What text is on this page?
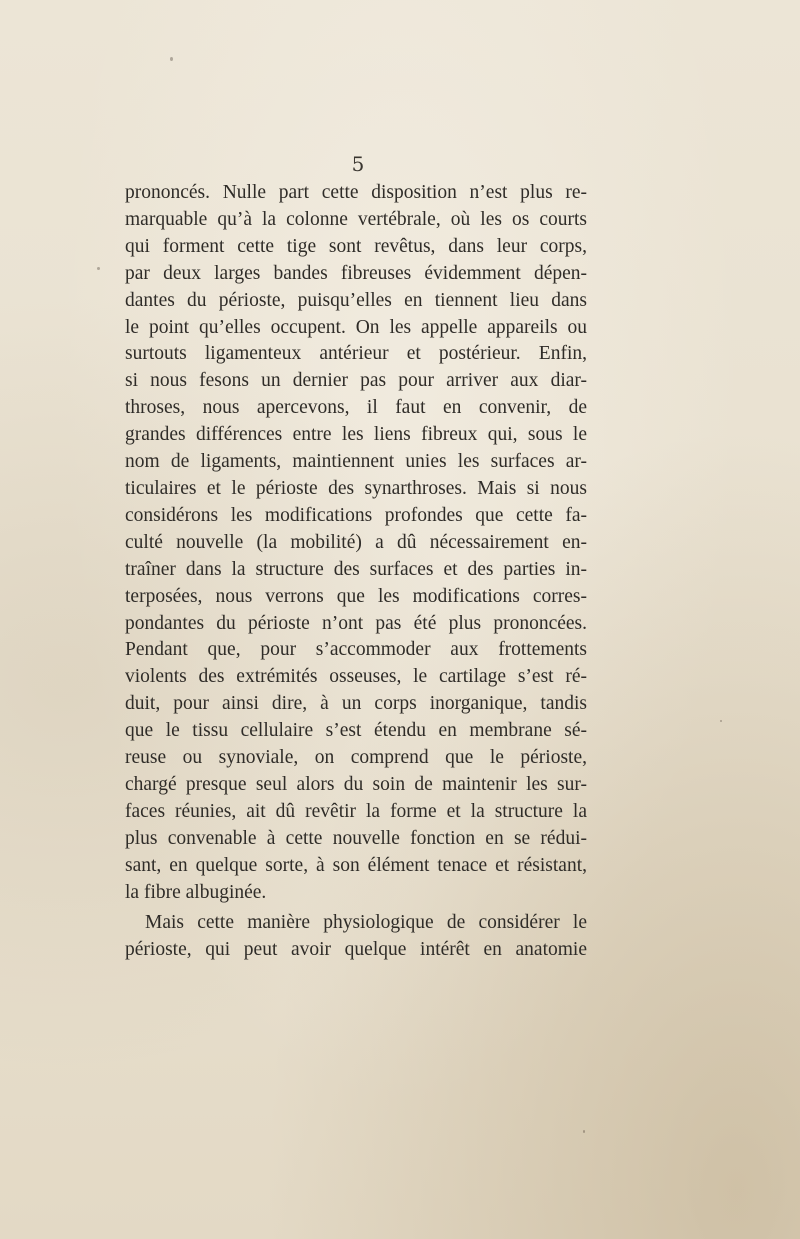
5
prononcés. Nulle part cette disposition n’est plus re-
marquable qu’à la colonne vertébrale, où les os courts
qui forment cette tige sont revêtus, dans leur corps,
par deux larges bandes fibreuses évidemment dépen-
dantes du périoste, puisqu’elles en tiennent lieu dans
le point qu’elles occupent. On les appelle appareils ou
surtouts ligamenteux antérieur et postérieur. Enfin,
si nous fesons un dernier pas pour arriver aux diar-
throses, nous apercevons, il faut en convenir, de
grandes différences entre les liens fibreux qui, sous le
nom de ligaments, maintiennent unies les surfaces ar-
ticulaires et le périoste des synarthroses. Mais si nous
considérons les modifications profondes que cette fa-
culté nouvelle (la mobilité) a dû nécessairement en-
traîner dans la structure des surfaces et des parties in-
terposées, nous verrons que les modifications corres-
pondantes du périoste n’ont pas été plus prononcées.
Pendant que, pour s’accommoder aux frottements
violents des extrémités osseuses, le cartilage s’est ré-
duit, pour ainsi dire, à un corps inorganique, tandis
que le tissu cellulaire s’est étendu en membrane sé-
reuse ou synoviale, on comprend que le périoste,
chargé presque seul alors du soin de maintenir les sur-
faces réunies, ait dû revêtir la forme et la structure la
plus convenable à cette nouvelle fonction en se rédui-
sant, en quelque sorte, à son élément tenace et résistant,
la fibre albuginée.
Mais cette manière physiologique de considérer le
périoste, qui peut avoir quelque intérêt en anatomie
